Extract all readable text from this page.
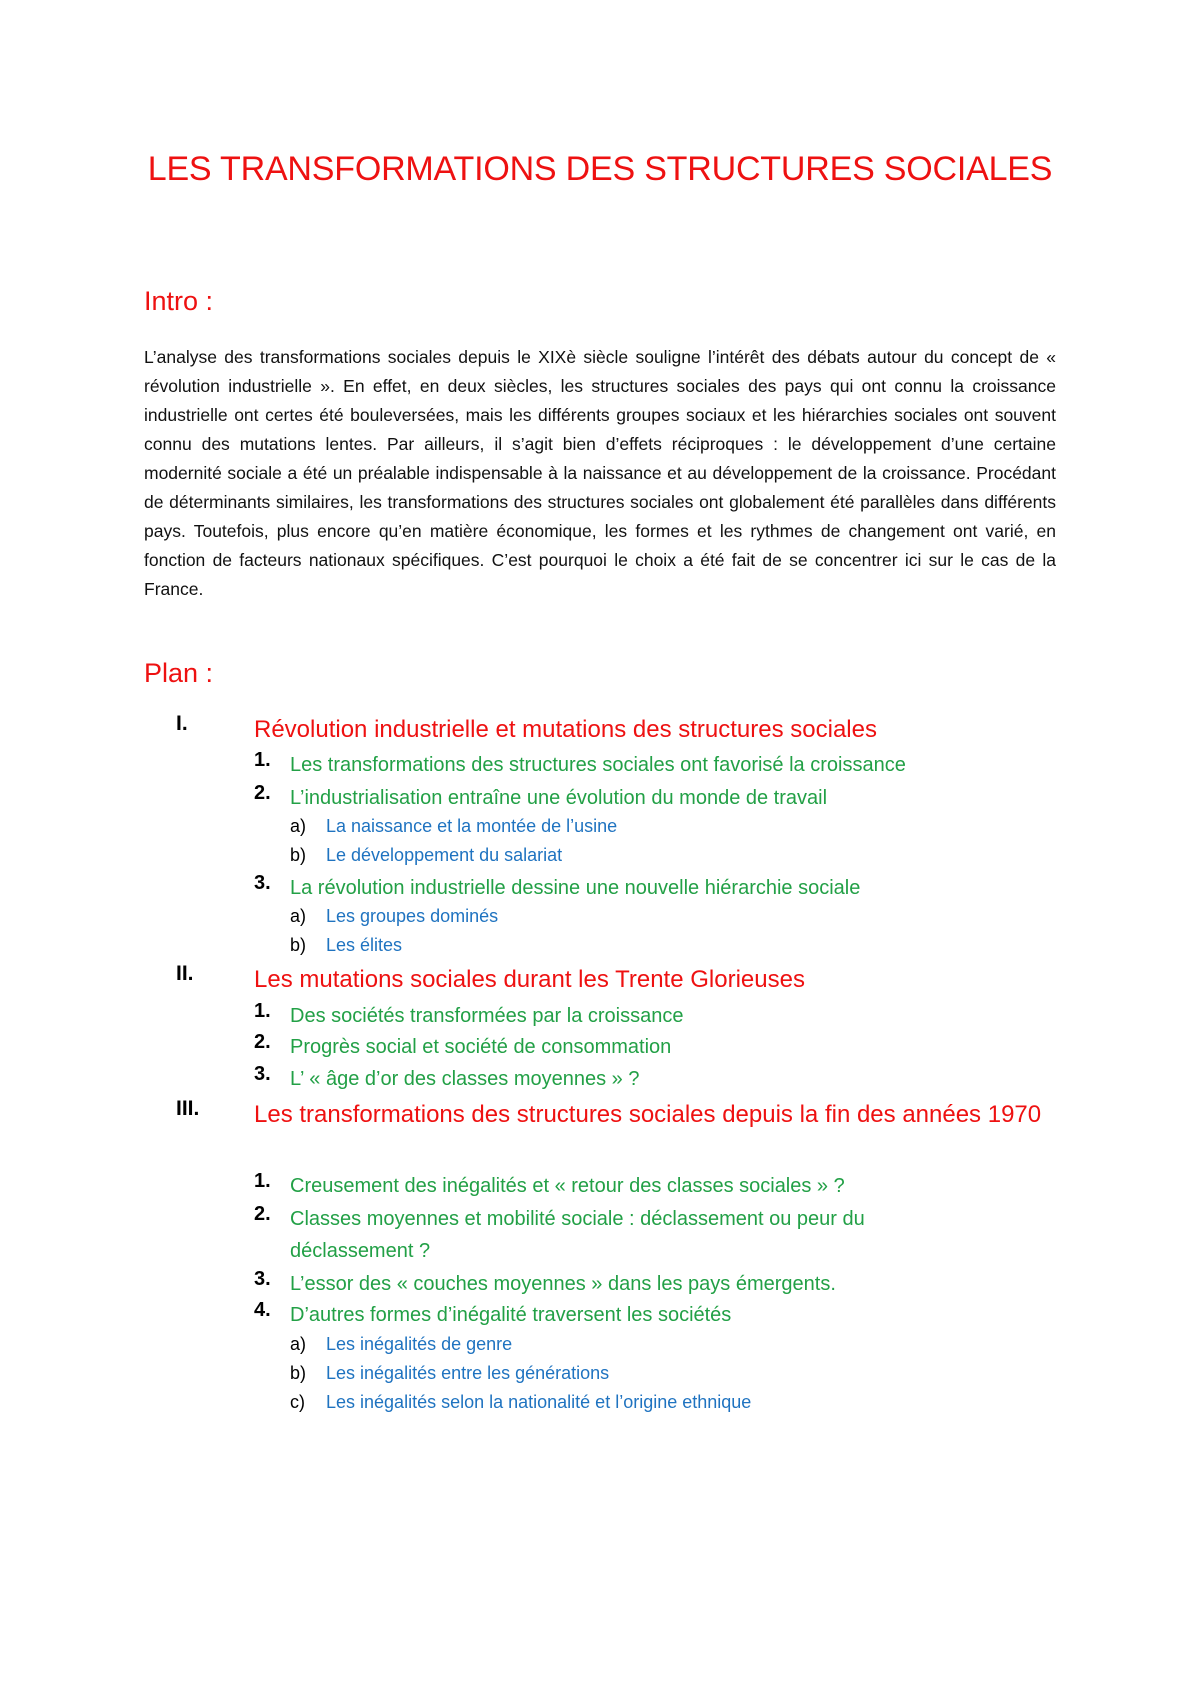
LES TRANSFORMATIONS DES STRUCTURES SOCIALES
Intro :
L’analyse des transformations sociales depuis le XIXè siècle souligne l’intérêt des débats autour du concept de « révolution industrielle ». En effet, en deux siècles, les structures sociales des pays qui ont connu la croissance industrielle ont certes été bouleversées, mais les différents groupes sociaux et les hiérarchies sociales ont souvent connu des mutations lentes. Par ailleurs, il s’agit bien d’effets réciproques : le développement d’une certaine modernité sociale a été un préalable indispensable à la naissance et au développement de la croissance. Procédant de déterminants similaires, les transformations des structures sociales ont globalement été parallèles dans différents pays. Toutefois, plus encore qu’en matière économique, les formes et les rythmes de changement ont varié, en fonction de facteurs nationaux spécifiques. C’est pourquoi le choix a été fait de se concentrer ici sur le cas de la France.
Plan :
I.	Révolution industrielle et mutations des structures sociales
1. Les transformations des structures sociales ont favorisé la croissance
2. L’industrialisation entraîne une évolution du monde de travail
a) La naissance et la montée de l’usine
b) Le développement du salariat
3. La révolution industrielle dessine une nouvelle hiérarchie sociale
a) Les groupes dominés
b) Les élites
II.	Les mutations sociales durant les Trente Glorieuses
1. Des sociétés transformées par la croissance
2. Progrès social et société de consommation
3. L’ « âge d’or des classes moyennes » ?
III. Les transformations des structures sociales depuis la fin des années 1970
1. Creusement des inégalités et « retour des classes sociales » ?
2. Classes moyennes et mobilité sociale : déclassement ou peur du déclassement ?
3. L’essor des « couches moyennes » dans les pays émergents.
4. D’autres formes d’inégalité traversent les sociétés
a) Les inégalités de genre
b) Les inégalités entre les générations
c) Les inégalités selon la nationalité et l’origine ethnique
